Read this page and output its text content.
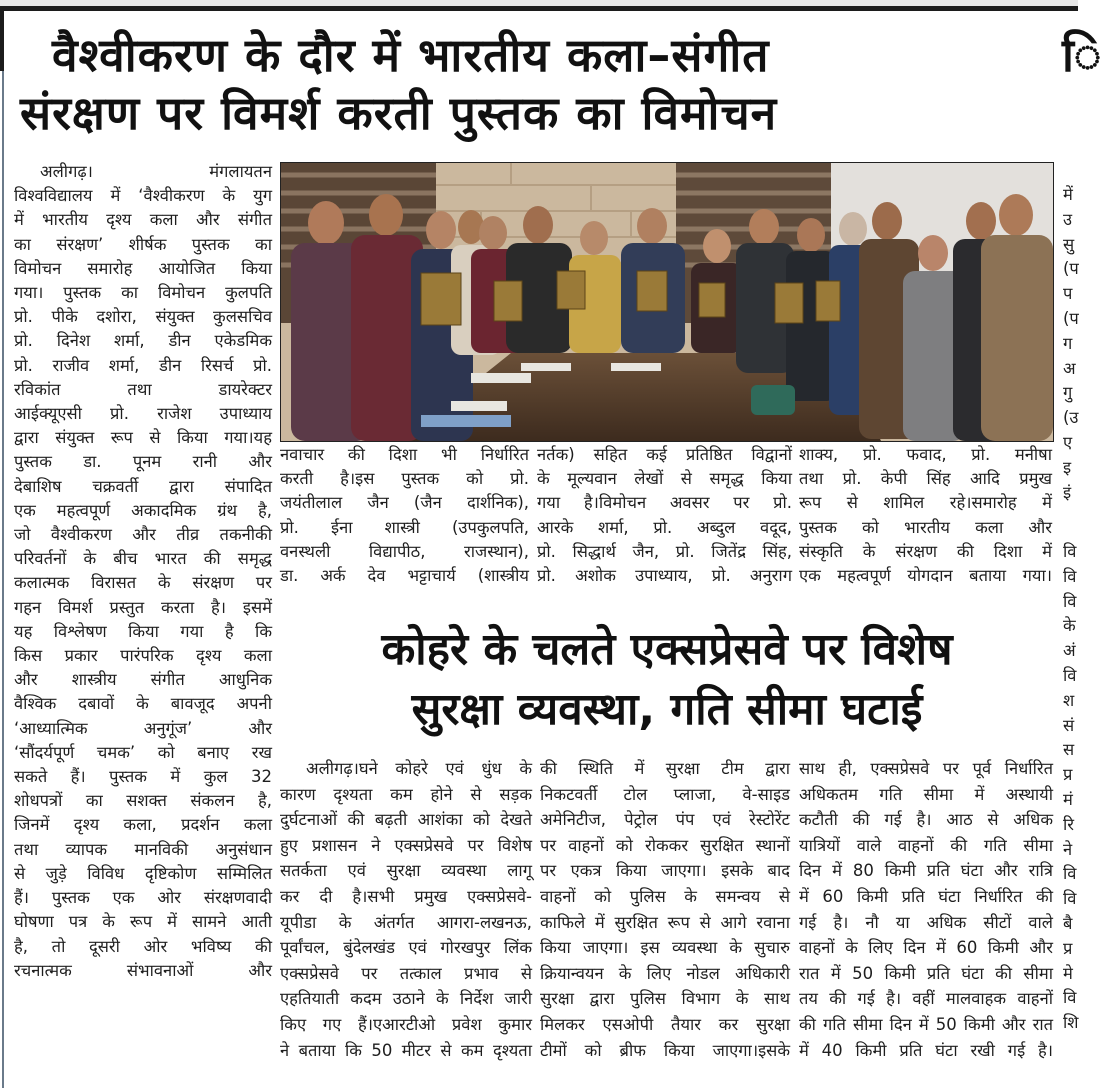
वैश्वीकरण के दौर में भारतीय कला–संगीत
संरक्षण पर विमर्श करती पुस्तक का विमोचन
ि
अलीगढ़। मंगलायतन
विश्वविद्यालय में ‘वैश्वीकरण के युग
में भारतीय दृश्य कला और संगीत
का संरक्षण’ शीर्षक पुस्तक का
विमोचन समारोह आयोजित किया
गया। पुस्तक का विमोचन कुलपति
प्रो. पीके दशोरा, संयुक्त कुलसचिव
प्रो. दिनेश शर्मा, डीन एकेडमिक
प्रो. राजीव शर्मा, डीन रिसर्च प्रो.
रविकांत तथा डायरेक्टर
आईक्यूएसी प्रो. राजेश उपाध्याय
द्वारा संयुक्त रूप से किया गया।यह
पुस्तक डा. पूनम रानी और
देबाशिष चक्रवर्ती द्वारा संपादित
एक महत्वपूर्ण अकादमिक ग्रंथ है,
जो वैश्वीकरण और तीव्र तकनीकी
परिवर्तनों के बीच भारत की समृद्ध
कलात्मक विरासत के संरक्षण पर
गहन विमर्श प्रस्तुत करता है। इसमें
यह विश्लेषण किया गया है कि
किस प्रकार पारंपरिक दृश्य कला
और शास्त्रीय संगीत आधुनिक
वैश्विक दबावों के बावजूद अपनी
‘आध्यात्मिक अनुगूंज’ और
‘सौंदर्यपूर्ण चमक’ को बनाए रख
सकते हैं। पुस्तक में कुल 32
शोधपत्रों का सशक्त संकलन है,
जिनमें दृश्य कला, प्रदर्शन कला
तथा व्यापक मानविकी अनुसंधान
से जुड़े विविध दृष्टिकोण सम्मिलित
हैं। पुस्तक एक ओर संरक्षणवादी
घोषणा पत्र के रूप में सामने आती
है, तो दूसरी ओर भविष्य की
रचनात्मक संभावनाओं और
नवाचार की दिशा भी निर्धारित
करती है।इस पुस्तक को प्रो.
जयंतीलाल जैन (जैन दार्शनिक),
प्रो. ईना शास्त्री (उपकुलपति,
वनस्थली विद्यापीठ, राजस्थान),
डा. अर्क देव भट्टाचार्य (शास्त्रीय
नर्तक) सहित कई प्रतिष्ठित विद्वानों
के मूल्यवान लेखों से समृद्ध किया
गया है।विमोचन अवसर पर प्रो.
आरके शर्मा, प्रो. अब्दुल वदूद,
प्रो. सिद्धार्थ जैन, प्रो. जितेंद्र सिंह,
प्रो. अशोक उपाध्याय, प्रो. अनुराग
शाक्य, प्रो. फवाद, प्रो. मनीषा
तथा प्रो. केपी सिंह आदि प्रमुख
रूप से शामिल रहे।समारोह में
पुस्तक को भारतीय कला और
संस्कृति के संरक्षण की दिशा में
एक महत्वपूर्ण योगदान बताया गया।
कोहरे के चलते एक्सप्रेसवे पर विशेष
सुरक्षा व्यवस्था, गति सीमा घटाई
अलीगढ़।घने कोहरे एवं धुंध के
कारण दृश्यता कम होने से सड़क
दुर्घटनाओं की बढ़ती आशंका को देखते
हुए प्रशासन ने एक्सप्रेसवे पर विशेष
सतर्कता एवं सुरक्षा व्यवस्था लागू
कर दी है।सभी प्रमुख एक्सप्रेसवे-
यूपीडा के अंतर्गत आगरा-लखनऊ,
पूर्वांचल, बुंदेलखंड एवं गोरखपुर लिंक
एक्सप्रेसवे पर तत्काल प्रभाव से
एहतियाती कदम उठाने के निर्देश जारी
किए गए हैं।एआरटीओ प्रवेश कुमार
ने बताया कि 50 मीटर से कम दृश्यता
की स्थिति में सुरक्षा टीम द्वारा
निकटवर्ती टोल प्लाजा, वे-साइड
अमेनिटीज, पेट्रोल पंप एवं रेस्टोरेंट
पर वाहनों को रोककर सुरक्षित स्थानों
पर एकत्र किया जाएगा। इसके बाद
वाहनों को पुलिस के समन्वय से
काफिले में सुरक्षित रूप से आगे रवाना
किया जाएगा। इस व्यवस्था के सुचारु
क्रियान्वयन के लिए नोडल अधिकारी
सुरक्षा द्वारा पुलिस विभाग के साथ
मिलकर एसओपी तैयार कर सुरक्षा
टीमों को ब्रीफ किया जाएगा।इसके
साथ ही, एक्सप्रेसवे पर पूर्व निर्धारित
अधिकतम गति सीमा में अस्थायी
कटौती की गई है। आठ से अधिक
यात्रियों वाले वाहनों की गति सीमा
दिन में 80 किमी प्रति घंटा और रात्रि
में 60 किमी प्रति घंटा निर्धारित की
गई है। नौ या अधिक सीटों वाले
वाहनों के लिए दिन में 60 किमी और
रात में 50 किमी प्रति घंटा की सीमा
तय की गई है। वहीं मालवाहक वाहनों
की गति सीमा दिन में 50 किमी और रात
में 40 किमी प्रति घंटा रखी गई है।
में
उ
सु
(प
प
(प
ग
अ
गु
(उ
ए
इ
इं
वि
वि
वि
के
अं
वि
श
सं
स
प्र
मं
रि
ने
वि
वि
बै
प्र
मे
वि
शि
